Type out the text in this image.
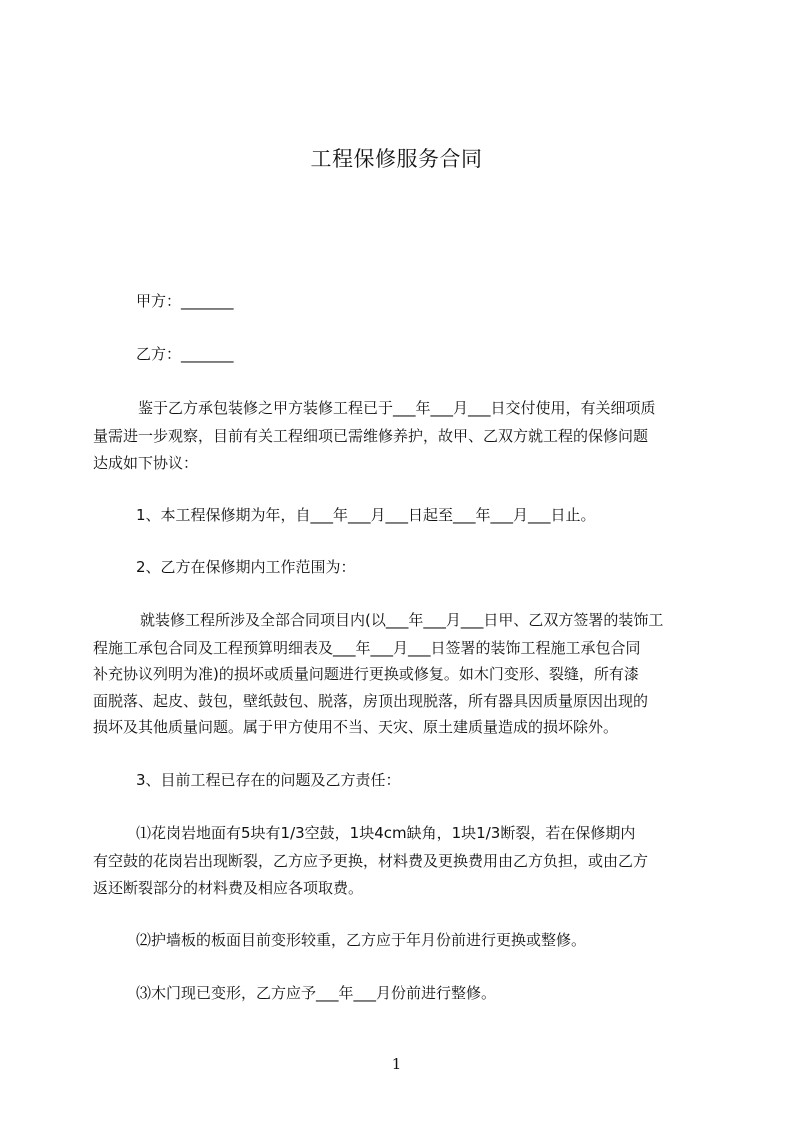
工程保修服务合同

甲方：_______

乙方：_______

鉴于乙方承包装修之甲方装修工程已于___年___月___日交付使用，有关细项质

量需进一步观察，目前有关工程细项已需维修养护，故甲、乙双方就工程的保修问题

达成如下协议：

1、本工程保修期为年，自___年___月___日起至___年___月___日止。

2、乙方在保修期内工作范围为：

就装修工程所涉及全部合同项目内(以___年___月___日甲、乙双方签署的装饰工

程施工承包合同及工程预算明细表及___年___月___日签署的装饰工程施工承包合同

补充协议列明为准)的损坏或质量问题进行更换或修复。如木门变形、裂缝，所有漆

面脱落、起皮、鼓包，壁纸鼓包、脱落，房顶出现脱落，所有器具因质量原因出现的

损坏及其他质量问题。属于甲方使用不当、天灾、原土建质量造成的损坏除外。

3、目前工程已存在的问题及乙方责任：

⑴花岗岩地面有5块有1/3空鼓，1块4cm缺角，1块1/3断裂，若在保修期内

有空鼓的花岗岩出现断裂，乙方应予更换，材料费及更换费用由乙方负担，或由乙方

返还断裂部分的材料费及相应各项取费。

⑵护墙板的板面目前变形较重，乙方应于年月份前进行更换或整修。

⑶木门现已变形，乙方应予___年___月份前进行整修。

1
